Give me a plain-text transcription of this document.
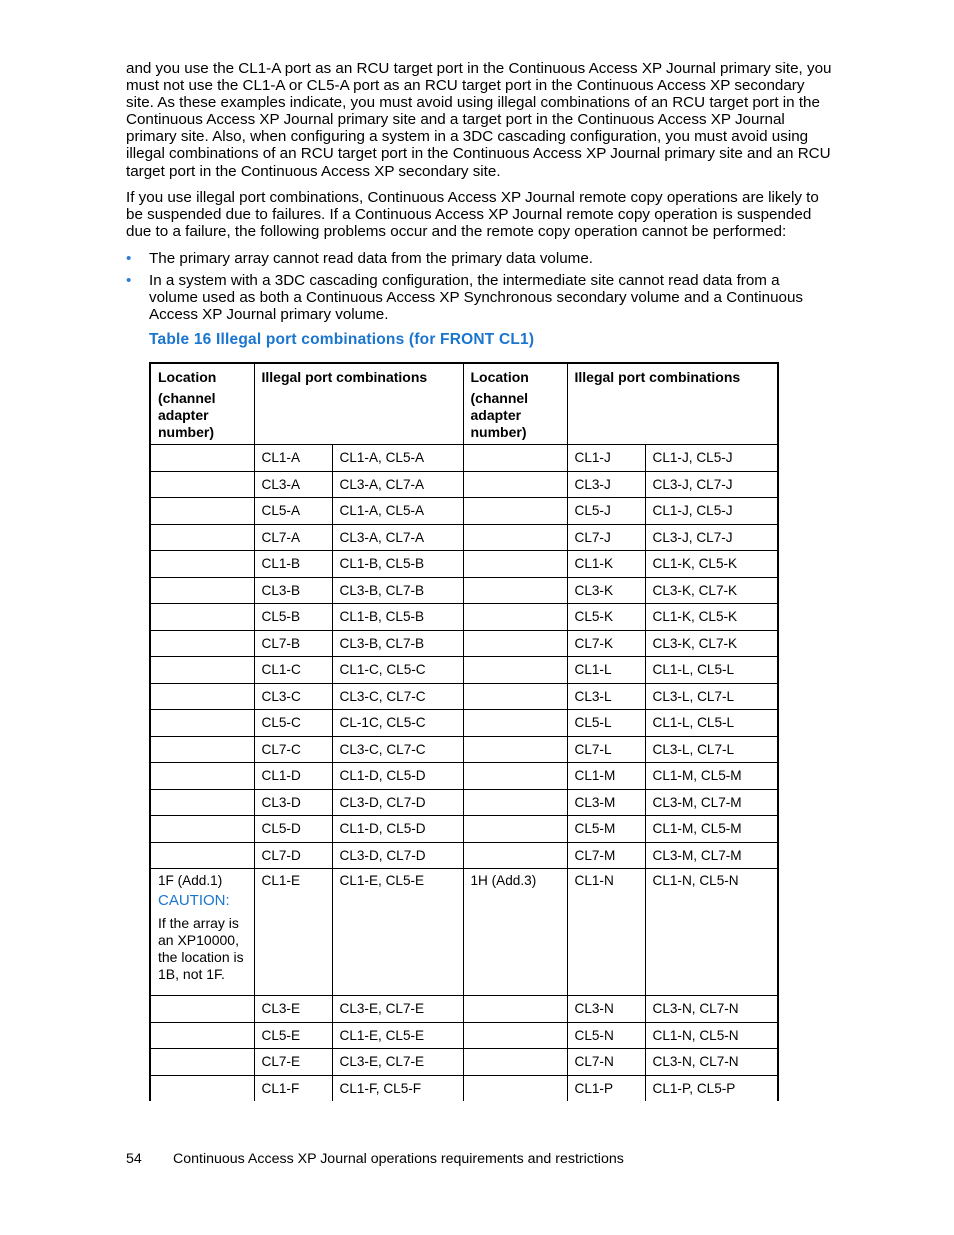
and you use the CL1-A port as an RCU target port in the Continuous Access XP Journal primary site, you must not use the CL1-A or CL5-A port as an RCU target port in the Continuous Access XP secondary site. As these examples indicate, you must avoid using illegal combinations of an RCU target port in the Continuous Access XP Journal primary site and a target port in the Continuous Access XP Journal primary site. Also, when configuring a system in a 3DC cascading configuration, you must avoid using illegal combinations of an RCU target port in the Continuous Access XP Journal primary site and an RCU target port in the Continuous Access XP secondary site.

If you use illegal port combinations, Continuous Access XP Journal remote copy operations are likely to be suspended due to failures. If a Continuous Access XP Journal remote copy operation is suspended due to a failure, the following problems occur and the remote copy operation cannot be performed:

• The primary array cannot read data from the primary data volume.

• In a system with a 3DC cascading configuration, the intermediate site cannot read data from a volume used as both a Continuous Access XP Synchronous secondary volume and a Continuous Access XP Journal primary volume.

Table 16 Illegal port combinations (for FRONT CL1)

Location
(channel adapter number)	Illegal port combinations		Location
(channel adapter number)	Illegal port combinations	
	CL1-A	CL1-A, CL5-A		CL1-J	CL1-J, CL5-J
	CL3-A	CL3-A, CL7-A		CL3-J	CL3-J, CL7-J
	CL5-A	CL1-A, CL5-A		CL5-J	CL1-J, CL5-J
	CL7-A	CL3-A, CL7-A		CL7-J	CL3-J, CL7-J
	CL1-B	CL1-B, CL5-B		CL1-K	CL1-K, CL5-K
	CL3-B	CL3-B, CL7-B		CL3-K	CL3-K, CL7-K
	CL5-B	CL1-B, CL5-B		CL5-K	CL1-K, CL5-K
	CL7-B	CL3-B, CL7-B		CL7-K	CL3-K, CL7-K
	CL1-C	CL1-C, CL5-C		CL1-L	CL1-L, CL5-L
	CL3-C	CL3-C, CL7-C		CL3-L	CL3-L, CL7-L
	CL5-C	CL-1C, CL5-C		CL5-L	CL1-L, CL5-L
	CL7-C	CL3-C, CL7-C		CL7-L	CL3-L, CL7-L
	CL1-D	CL1-D, CL5-D		CL1-M	CL1-M, CL5-M
	CL3-D	CL3-D, CL7-D		CL3-M	CL3-M, CL7-M
	CL5-D	CL1-D, CL5-D		CL5-M	CL1-M, CL5-M
	CL7-D	CL3-D, CL7-D		CL7-M	CL3-M, CL7-M
1F (Add.1)
CAUTION:
If the array is an XP10000, the location is 1B, not 1F.	CL1-E	CL1-E, CL5-E	1H (Add.3)	CL1-N	CL1-N, CL5-N
	CL3-E	CL3-E, CL7-E		CL3-N	CL3-N, CL7-N
	CL5-E	CL1-E, CL5-E		CL5-N	CL1-N, CL5-N
	CL7-E	CL3-E, CL7-E		CL7-N	CL3-N, CL7-N
	CL1-F	CL1-F, CL5-F		CL1-P	CL1-P, CL5-P

54 Continuous Access XP Journal operations requirements and restrictions
